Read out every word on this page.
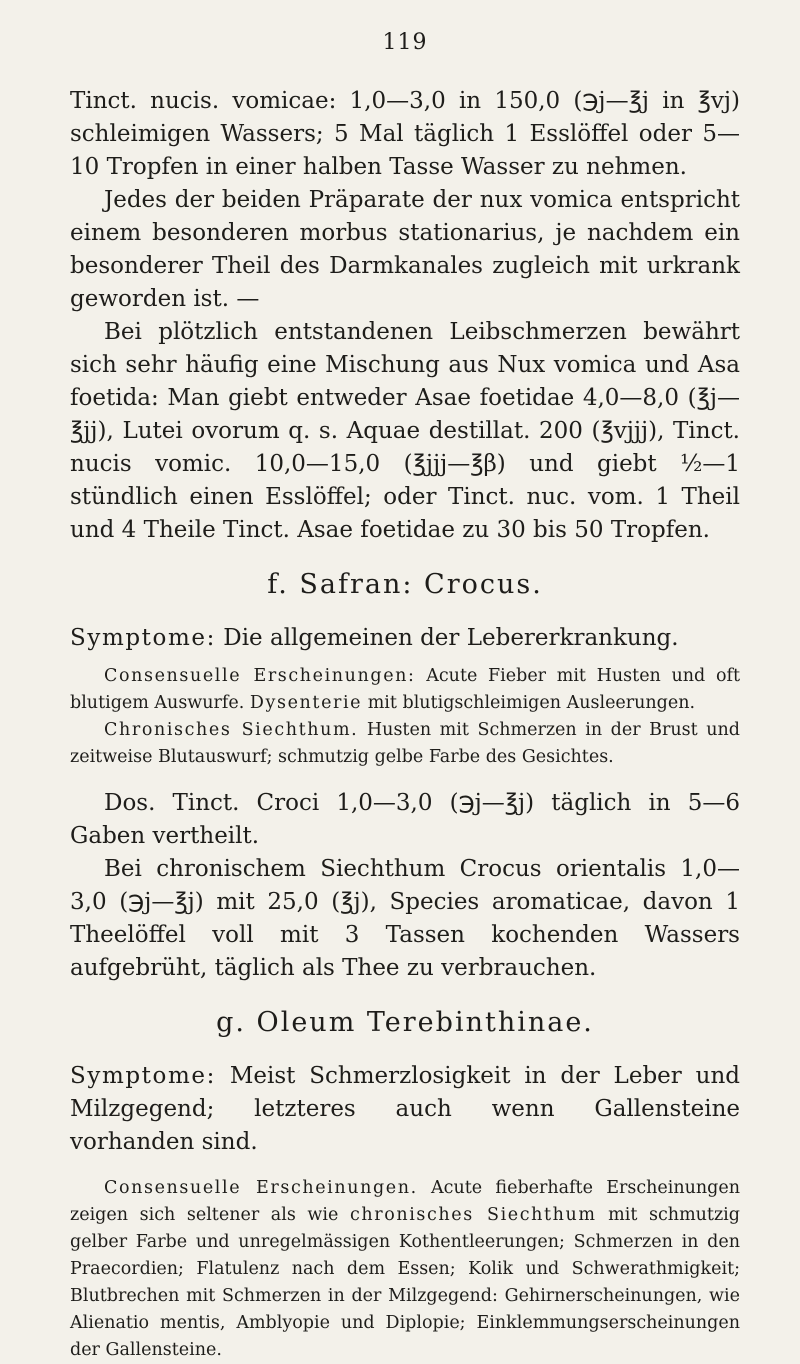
119

Tinct. nucis. vomicae: 1,0—3,0 in 150,0 (℈j—℥j in ℥vj) schleimigen Wassers; 5 Mal täglich 1 Esslöffel oder 5—10 Tropfen in einer halben Tasse Wasser zu nehmen.

Jedes der beiden Präparate der nux vomica entspricht einem besonderen morbus stationarius, je nachdem ein besonderer Theil des Darmkanales zugleich mit urkrank geworden ist. —

Bei plötzlich entstandenen Leibschmerzen bewährt sich sehr häufig eine Mischung aus Nux vomica und Asa foetida: Man giebt entweder Asae foetidae 4,0—8,0 (℥j—℥jj), Lutei ovorum q. s. Aquae destillat. 200 (℥vjjj), Tinct. nucis vomic. 10,0—15,0 (℥jjj—℥β) und giebt ½—1 stündlich einen Esslöffel; oder Tinct. nuc. vom. 1 Theil und 4 Theile Tinct. Asae foetidae zu 30 bis 50 Tropfen.

f. Safran: Crocus.

Symptome: Die allgemeinen der Lebererkrankung.

Consensuelle Erscheinungen: Acute Fieber mit Husten und oft blutigem Auswurfe. Dysenterie mit blutigschleimigen Ausleerungen.

Chronisches Siechthum. Husten mit Schmerzen in der Brust und zeitweise Blutauswurf; schmutzig gelbe Farbe des Gesichtes.

Dos. Tinct. Croci 1,0—3,0 (℈j—℥j) täglich in 5—6 Gaben vertheilt.

Bei chronischem Siechthum Crocus orientalis 1,0—3,0 (℈j—℥j) mit 25,0 (℥j), Species aromaticae, davon 1 Theelöffel voll mit 3 Tassen kochenden Wassers aufgebrüht, täglich als Thee zu verbrauchen.

g. Oleum Terebinthinae.

Symptome: Meist Schmerzlosigkeit in der Leber und Milzgegend; letzteres auch wenn Gallensteine vorhanden sind.

Consensuelle Erscheinungen. Acute fieberhafte Erscheinungen zeigen sich seltener als wie chronisches Siechthum mit schmutzig gelber Farbe und unregelmässigen Kothentleerungen; Schmerzen in den Praecordien; Flatulenz nach dem Essen; Kolik und Schwerathmigkeit; Blutbrechen mit Schmerzen in der Milzgegend: Gehirnerscheinungen, wie Alienatio mentis, Amblyopie und Diplopie; Einklemmungserscheinungen der Gallensteine.
